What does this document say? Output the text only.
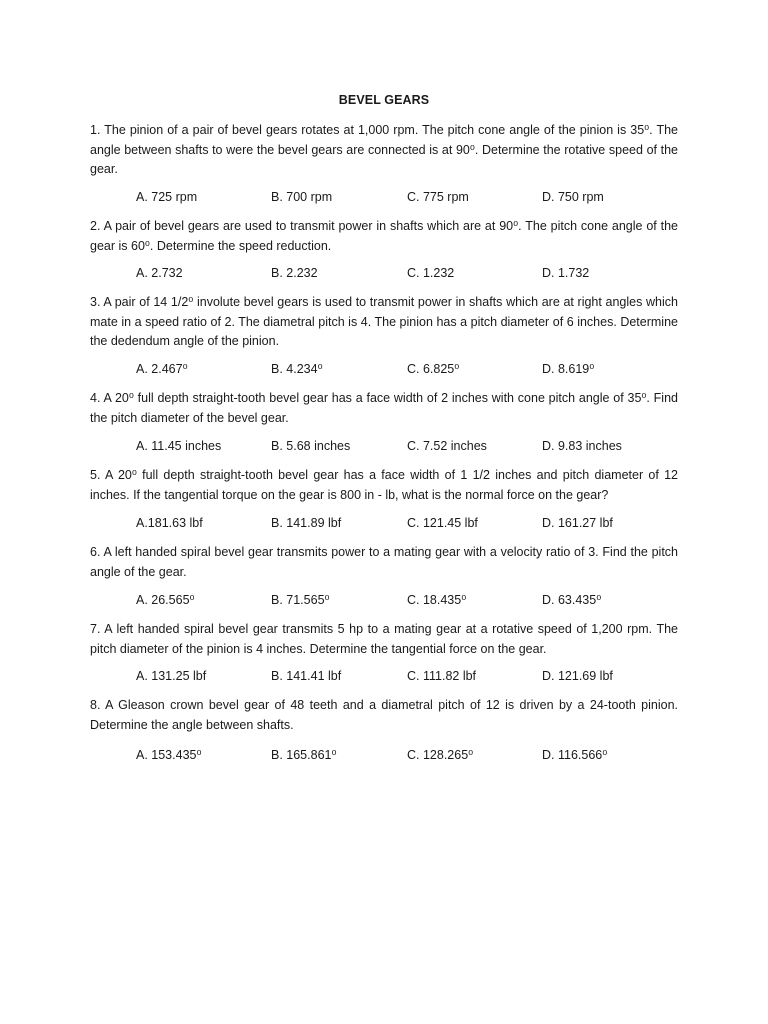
BEVEL GEARS
1. The pinion of a pair of bevel gears rotates at 1,000 rpm. The pitch cone angle of the pinion is 35⁰. The angle between shafts to were the bevel gears are connected is at 90⁰. Determine the rotative speed of the gear.
A. 725 rpm	B. 700 rpm	C. 775 rpm	D. 750 rpm
2. A pair of bevel gears are used to transmit power in shafts which are at 90⁰. The pitch cone angle of the gear is 60⁰. Determine the speed reduction.
A. 2.732	B. 2.232	C. 1.232	D. 1.732
3. A pair of 14 1/2⁰ involute bevel gears is used to transmit power in shafts which are at right angles which mate in a speed ratio of 2. The diametral pitch is 4. The pinion has a pitch diameter of 6 inches. Determine the dedendum angle of the pinion.
A. 2.467⁰	B. 4.234⁰	C. 6.825⁰	D. 8.619⁰
4. A 20⁰ full depth straight-tooth bevel gear has a face width of 2 inches with cone pitch angle of 35⁰. Find the pitch diameter of the bevel gear.
A. 11.45 inches	B. 5.68 inches	C. 7.52 inches	D. 9.83 inches
5. A 20⁰ full depth straight-tooth bevel gear has a face width of 1 1/2 inches and pitch diameter of 12 inches. If the tangential torque on the gear is 800 in - lb, what is the normal force on the gear?
A.181.63 lbf	B. 141.89 lbf	C. 121.45 lbf	D. 161.27 lbf
6. A left handed spiral bevel gear transmits power to a mating gear with a velocity ratio of 3. Find the pitch angle of the gear.
A. 26.565⁰	B. 71.565⁰	C. 18.435⁰	D. 63.435⁰
7. A left handed spiral bevel gear transmits 5 hp to a mating gear at a rotative speed of 1,200 rpm. The pitch diameter of the pinion is 4 inches. Determine the tangential force on the gear.
A. 131.25 lbf	B. 141.41 lbf	C. 111.82 lbf	D. 121.69 lbf
8. A Gleason crown bevel gear of 48 teeth and a diametral pitch of 12 is driven by a 24-tooth pinion. Determine the angle between shafts.
A. 153.435⁰	B. 165.861⁰	C. 128.265⁰	D. 116.566⁰
